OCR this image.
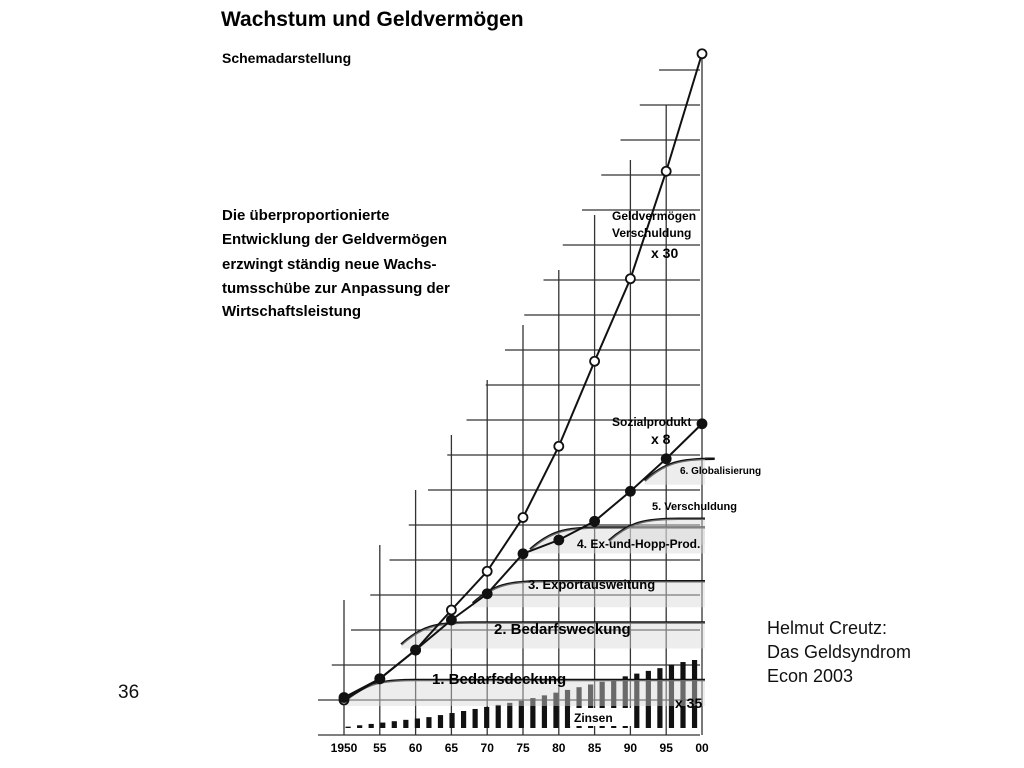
1950 55 60 65 70 75 80 85 90 95 00
Wachstum und Geldvermögen
Schemadarstellung
Die überproportionierte
Entwicklung der Geldvermögen
erzwingt ständig neue Wachs-
tumsschübe zur Anpassung der
Wirtschaftsleistung
Geldvermögen
Verschuldung
x 30
Sozialprodukt
x 8
1. Bedarfsdeckung
2. Bedarfsweckung
3. Exportausweitung
4. Ex-und-Hopp-Prod.
5. Verschuldung
6. Globalisierung
Zinsen
x 35
Helmut Creutz:
Das Geldsyndrom
Econ 2003
36
